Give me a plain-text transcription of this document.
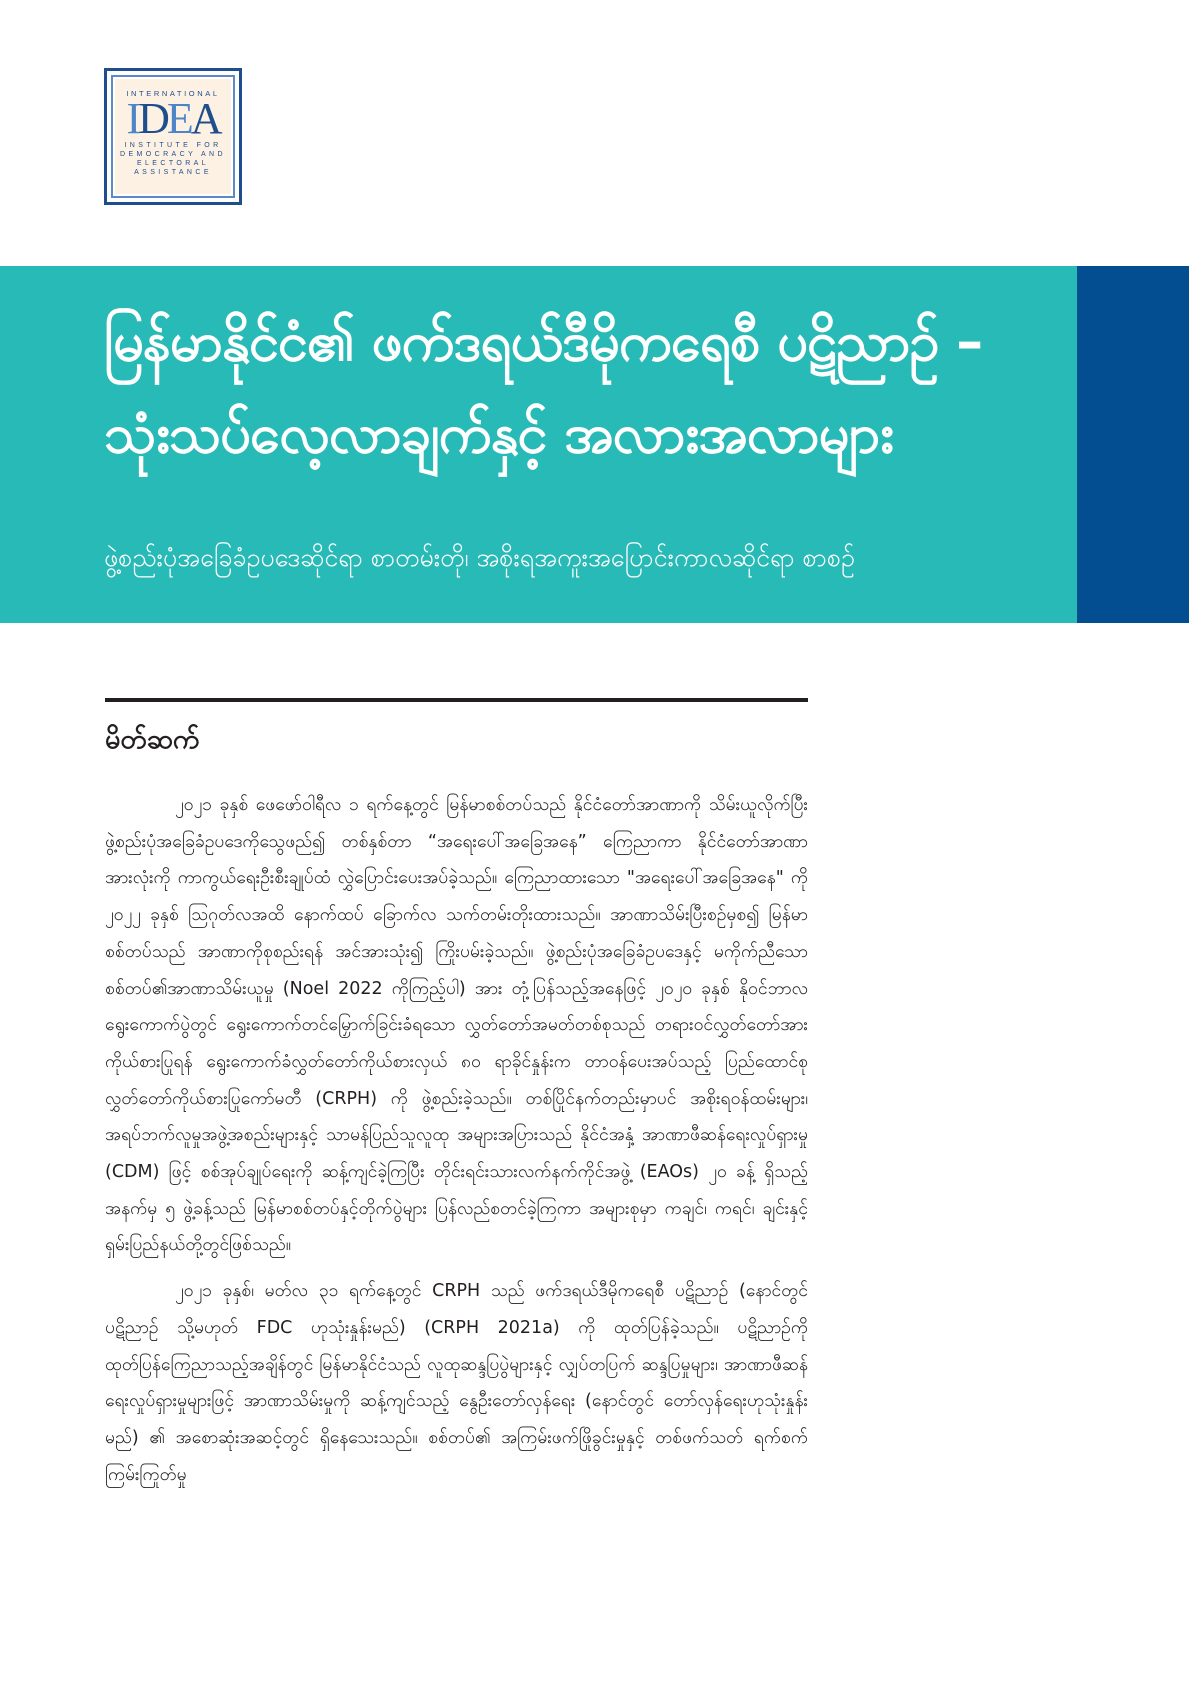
INTERNATIONAL
IDEA
INSTITUTE FOR
DEMOCRACY AND
ELECTORAL
ASSISTANCE
မြန်မာနိုင်ငံ၏ ဖက်ဒရယ်ဒီမိုကရေစီ ပဋိညာဉ် –
သုံးသပ်လေ့လာချက်နှင့် အလားအလာများ
ဖွဲ့စည်းပုံအခြေခံဥပဒေဆိုင်ရာ စာတမ်းတို၊ အစိုးရအကူးအပြောင်းကာလဆိုင်ရာ စာစဉ်
မိတ်ဆက်

၂၀၂၁ ခုနှစ် ဖေဖော်ဝါရီလ ၁ ရက်နေ့တွင် မြန်မာစစ်တပ်သည် နိုင်ငံတော်အာဏာကို သိမ်းယူလိုက်ပြီး ဖွဲ့စည်းပုံအခြေခံဥပဒေကိုသွေဖည်၍ တစ်နှစ်တာ “အရေးပေါ်အခြေအနေ” ကြေညာကာ နိုင်ငံတော်အာဏာအားလုံးကို ကာကွယ်ရေးဦးစီးချုပ်ထံ လွှဲပြောင်းပေးအပ်ခဲ့သည်။ ကြေညာထားသော "အရေးပေါ်အခြေအနေ" ကို ၂၀၂၂ ခုနှစ် ဩဂုတ်လအထိ နောက်ထပ် ခြောက်လ သက်တမ်းတိုးထားသည်။ အာဏာသိမ်းပြီးစဉ်မှစ၍ မြန်မာစစ်တပ်သည် အာဏာကိုစုစည်းရန် အင်အားသုံး၍ ကြိုးပမ်းခဲ့သည်။ ဖွဲ့စည်းပုံအခြေခံဥပဒေနှင့် မကိုက်ညီသော စစ်တပ်၏အာဏာသိမ်းယူမှု (Noel 2022 ကိုကြည့်ပါ) အား တုံ့ပြန်သည့်အနေဖြင့် ၂၀၂၀ ခုနှစ် နိုဝင်ဘာလရွေးကောက်ပွဲတွင် ရွေးကောက်တင်မြှောက်ခြင်းခံရသော လွှတ်တော်အမတ်တစ်စုသည် တရားဝင်လွှတ်တော်အားကိုယ်စားပြုရန် ရွေးကောက်ခံလွှတ်တော်ကိုယ်စားလှယ် ၈၀ ရာခိုင်နှုန်းက တာဝန်ပေးအပ်သည့် ပြည်ထောင်စုလွှတ်တော်ကိုယ်စားပြုကော်မတီ (CRPH) ကို ဖွဲ့စည်းခဲ့သည်။ တစ်ပြိုင်နက်တည်းမှာပင် အစိုးရဝန်ထမ်းများ၊ အရပ်ဘက်လူမှုအဖွဲ့အစည်းများနှင့် သာမန်ပြည်သူလူထု အများအပြားသည် နိုင်ငံအနှံ့ အာဏာဖီဆန်ရေးလှုပ်ရှားမှု (CDM) ဖြင့် စစ်အုပ်ချုပ်ရေးကို ဆန့်ကျင်ခဲ့ကြပြီး တိုင်းရင်းသားလက်နက်ကိုင်အဖွဲ့ (EAOs) ၂၀ ခန့် ရှိသည့်အနက်မှ ၅ ဖွဲ့ခန့်သည် မြန်မာစစ်တပ်နှင့်တိုက်ပွဲများ ပြန်လည်စတင်ခဲ့ကြကာ အများစုမှာ ကချင်၊ ကရင်၊ ချင်းနှင့် ရှမ်းပြည်နယ်တို့တွင်ဖြစ်သည်။

၂၀၂၁ ခုနှစ်၊ မတ်လ ၃၁ ရက်နေ့တွင် CRPH သည် ဖက်ဒရယ်ဒီမိုကရေစီ ပဋိညာဉ် (နောင်တွင် ပဋိညာဉ် သို့မဟုတ် FDC ဟုသုံးနှုန်းမည်) (CRPH 2021a) ကို ထုတ်ပြန်ခဲ့သည်။ ပဋိညာဉ်ကို ထုတ်ပြန်ကြေညာသည့်အချိန်တွင် မြန်မာနိုင်ငံသည် လူထုဆန္ဒပြပွဲများနှင့် လျှပ်တပြက် ဆန္ဒပြမှုများ၊ အာဏာဖီဆန်ရေးလှုပ်ရှားမှုများဖြင့် အာဏာသိမ်းမှုကို ဆန့်ကျင်သည့် နွေဦးတော်လှန်ရေး (နောင်တွင် တော်လှန်ရေးဟုသုံးနှုန်းမည်) ၏ အစောဆုံးအဆင့်တွင် ရှိနေသေးသည်။ စစ်တပ်၏ အကြမ်းဖက်ဖြိုခွင်းမှုနှင့် တစ်ဖက်သတ် ရက်စက်ကြမ်းကြုတ်မှု
